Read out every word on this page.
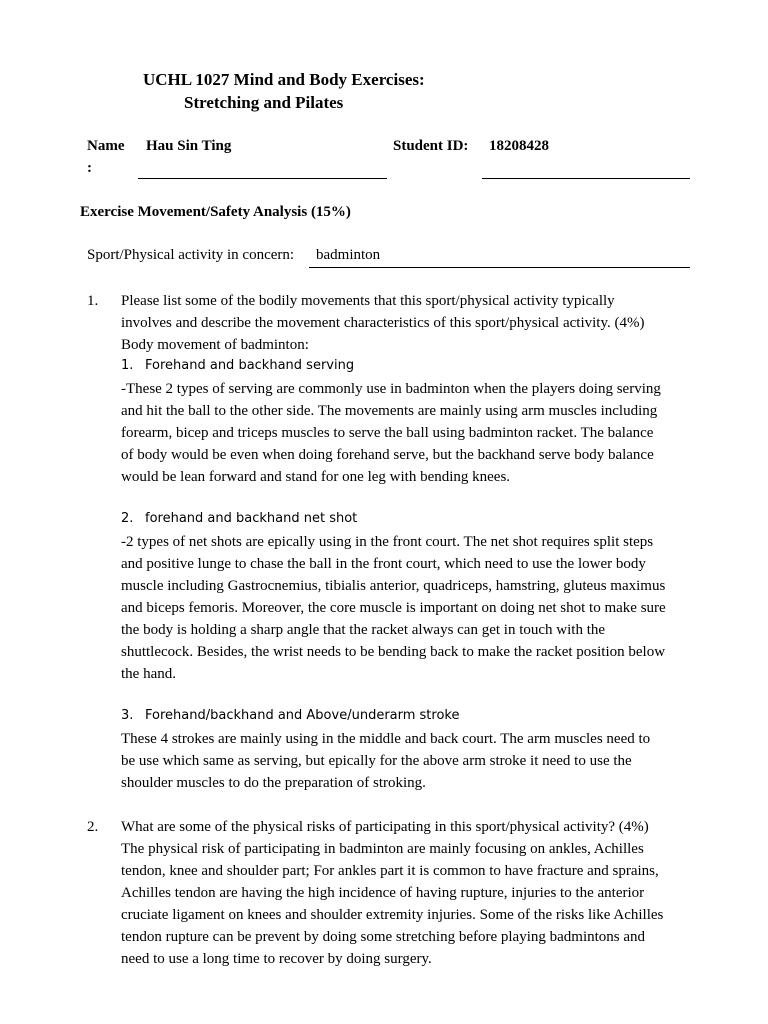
UCHL 1027 Mind and Body Exercises:
Stretching and Pilates
Name
:
Hau Sin Ting	Student ID: 18208428
Exercise Movement/Safety Analysis (15%)
Sport/Physical activity in concern: badminton
1. Please list some of the bodily movements that this sport/physical activity typically

involves and describe the movement characteristics of this sport/physical activity. (4%)

Body movement of badminton:

1. Forehand and backhand serving

-These 2 types of serving are commonly use in badminton when the players doing serving

and hit the ball to the other side. The movements are mainly using arm muscles including

forearm, bicep and triceps muscles to serve the ball using badminton racket. The balance

of body would be even when doing forehand serve, but the backhand serve body balance

would be lean forward and stand for one leg with bending knees.

2. forehand and backhand net shot

-2 types of net shots are epically using in the front court. The net shot requires split steps

and positive lunge to chase the ball in the front court, which need to use the lower body

muscle including Gastrocnemius, tibialis anterior, quadriceps, hamstring, gluteus maximus

and biceps femoris. Moreover, the core muscle is important on doing net shot to make sure

the body is holding a sharp angle that the racket always can get in touch with the

shuttlecock. Besides, the wrist needs to be bending back to make the racket position below

the hand.

3. Forehand/backhand and Above/underarm stroke

These 4 strokes are mainly using in the middle and back court. The arm muscles need to

be use which same as serving, but epically for the above arm stroke it need to use the

shoulder muscles to do the preparation of stroking.

2. What are some of the physical risks of participating in this sport/physical activity? (4%)

The physical risk of participating in badminton are mainly focusing on ankles, Achilles

tendon, knee and shoulder part; For ankles part it is common to have fracture and sprains,

Achilles tendon are having the high incidence of having rupture, injuries to the anterior

cruciate ligament on knees and shoulder extremity injuries. Some of the risks like Achilles

tendon rupture can be prevent by doing some stretching before playing badmintons and

need to use a long time to recover by doing surgery.
